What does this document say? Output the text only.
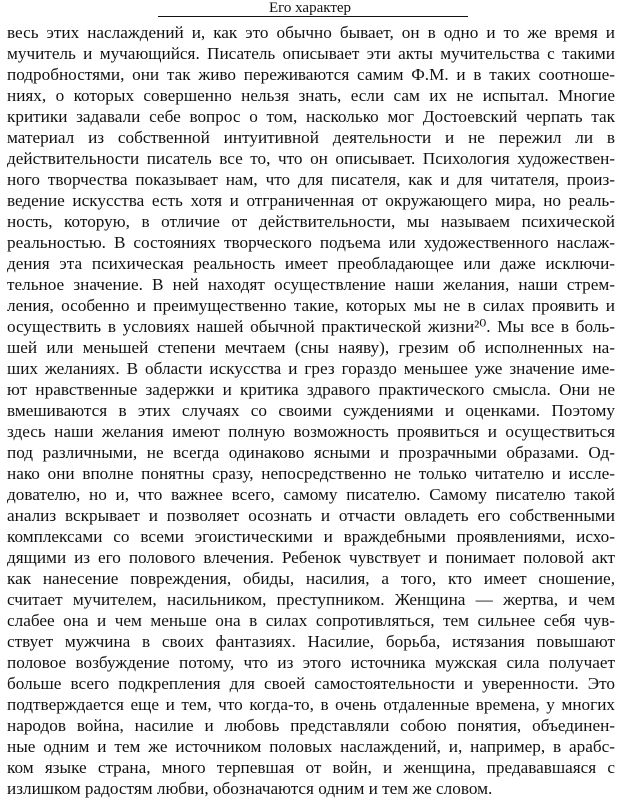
Его характер
весь этих наслаждений и, как это обычно бывает, он в одно и то же время и
мучитель и мучающийся. Писатель описывает эти акты мучительства с такими
подробностями, они так живо переживаются самим Ф.М. и в таких соотноше-
ниях, о которых совершенно нельзя знать, если сам их не испытал. Многие
критики задавали себе вопрос о том, насколько мог Достоевский черпать так
материал из собственной интуитивной деятельности и не пережил ли в
действительности писатель все то, что он описывает. Психология художествен-
ного творчества показывает нам, что для писателя, как и для читателя, произ-
ведение искусства есть хотя и отграниченная от окружающего мира, но реаль-
ность, которую, в отличие от действительности, мы называем психической
реальностью. В состояниях творческого подъема или художественного наслаж-
дения эта психическая реальность имеет преобладающее или даже исключи-
тельное значение. В ней находят осуществление наши желания, наши стрем-
ления, особенно и преимущественно такие, которых мы не в силах проявить и
осуществить в условиях нашей обычной практической жизни²⁰. Мы все в боль-
шей или меньшей степени мечтаем (сны наяву), грезим об исполненных на-
ших желаниях. В области искусства и грез гораздо меньшее уже значение име-
ют нравственные задержки и критика здравого практического смысла. Они не
вмешиваются в этих случаях со своими суждениями и оценками. Поэтому
здесь наши желания имеют полную возможность проявиться и осуществиться
под различными, не всегда одинаково ясными и прозрачными образами. Од-
нако они вполне понятны сразу, непосредственно не только читателю и иссле-
дователю, но и, что важнее всего, самому писателю. Самому писателю такой
анализ вскрывает и позволяет осознать и отчасти овладеть его собственными
комплексами со всеми эгоистическими и враждебными проявлениями, исхо-
дящими из его полового влечения. Ребенок чувствует и понимает половой акт
как нанесение повреждения, обиды, насилия, а того, кто имеет сношение,
считает мучителем, насильником, преступником. Женщина — жертва, и чем
слабее она и чем меньше она в силах сопротивляться, тем сильнее себя чув-
ствует мужчина в своих фантазиях. Насилие, борьба, истязания повышают
половое возбуждение потому, что из этого источника мужская сила получает
больше всего подкрепления для своей самостоятельности и уверенности. Это
подтверждается еще и тем, что когда-то, в очень отдаленные времена, у многих
народов война, насилие и любовь представляли собою понятия, объединен-
ные одним и тем же источником половых наслаждений, и, например, в арабс-
ком языке страна, много терпевшая от войн, и женщина, предававшаяся с
излишком радостям любви, обозначаются одним и тем же словом.
